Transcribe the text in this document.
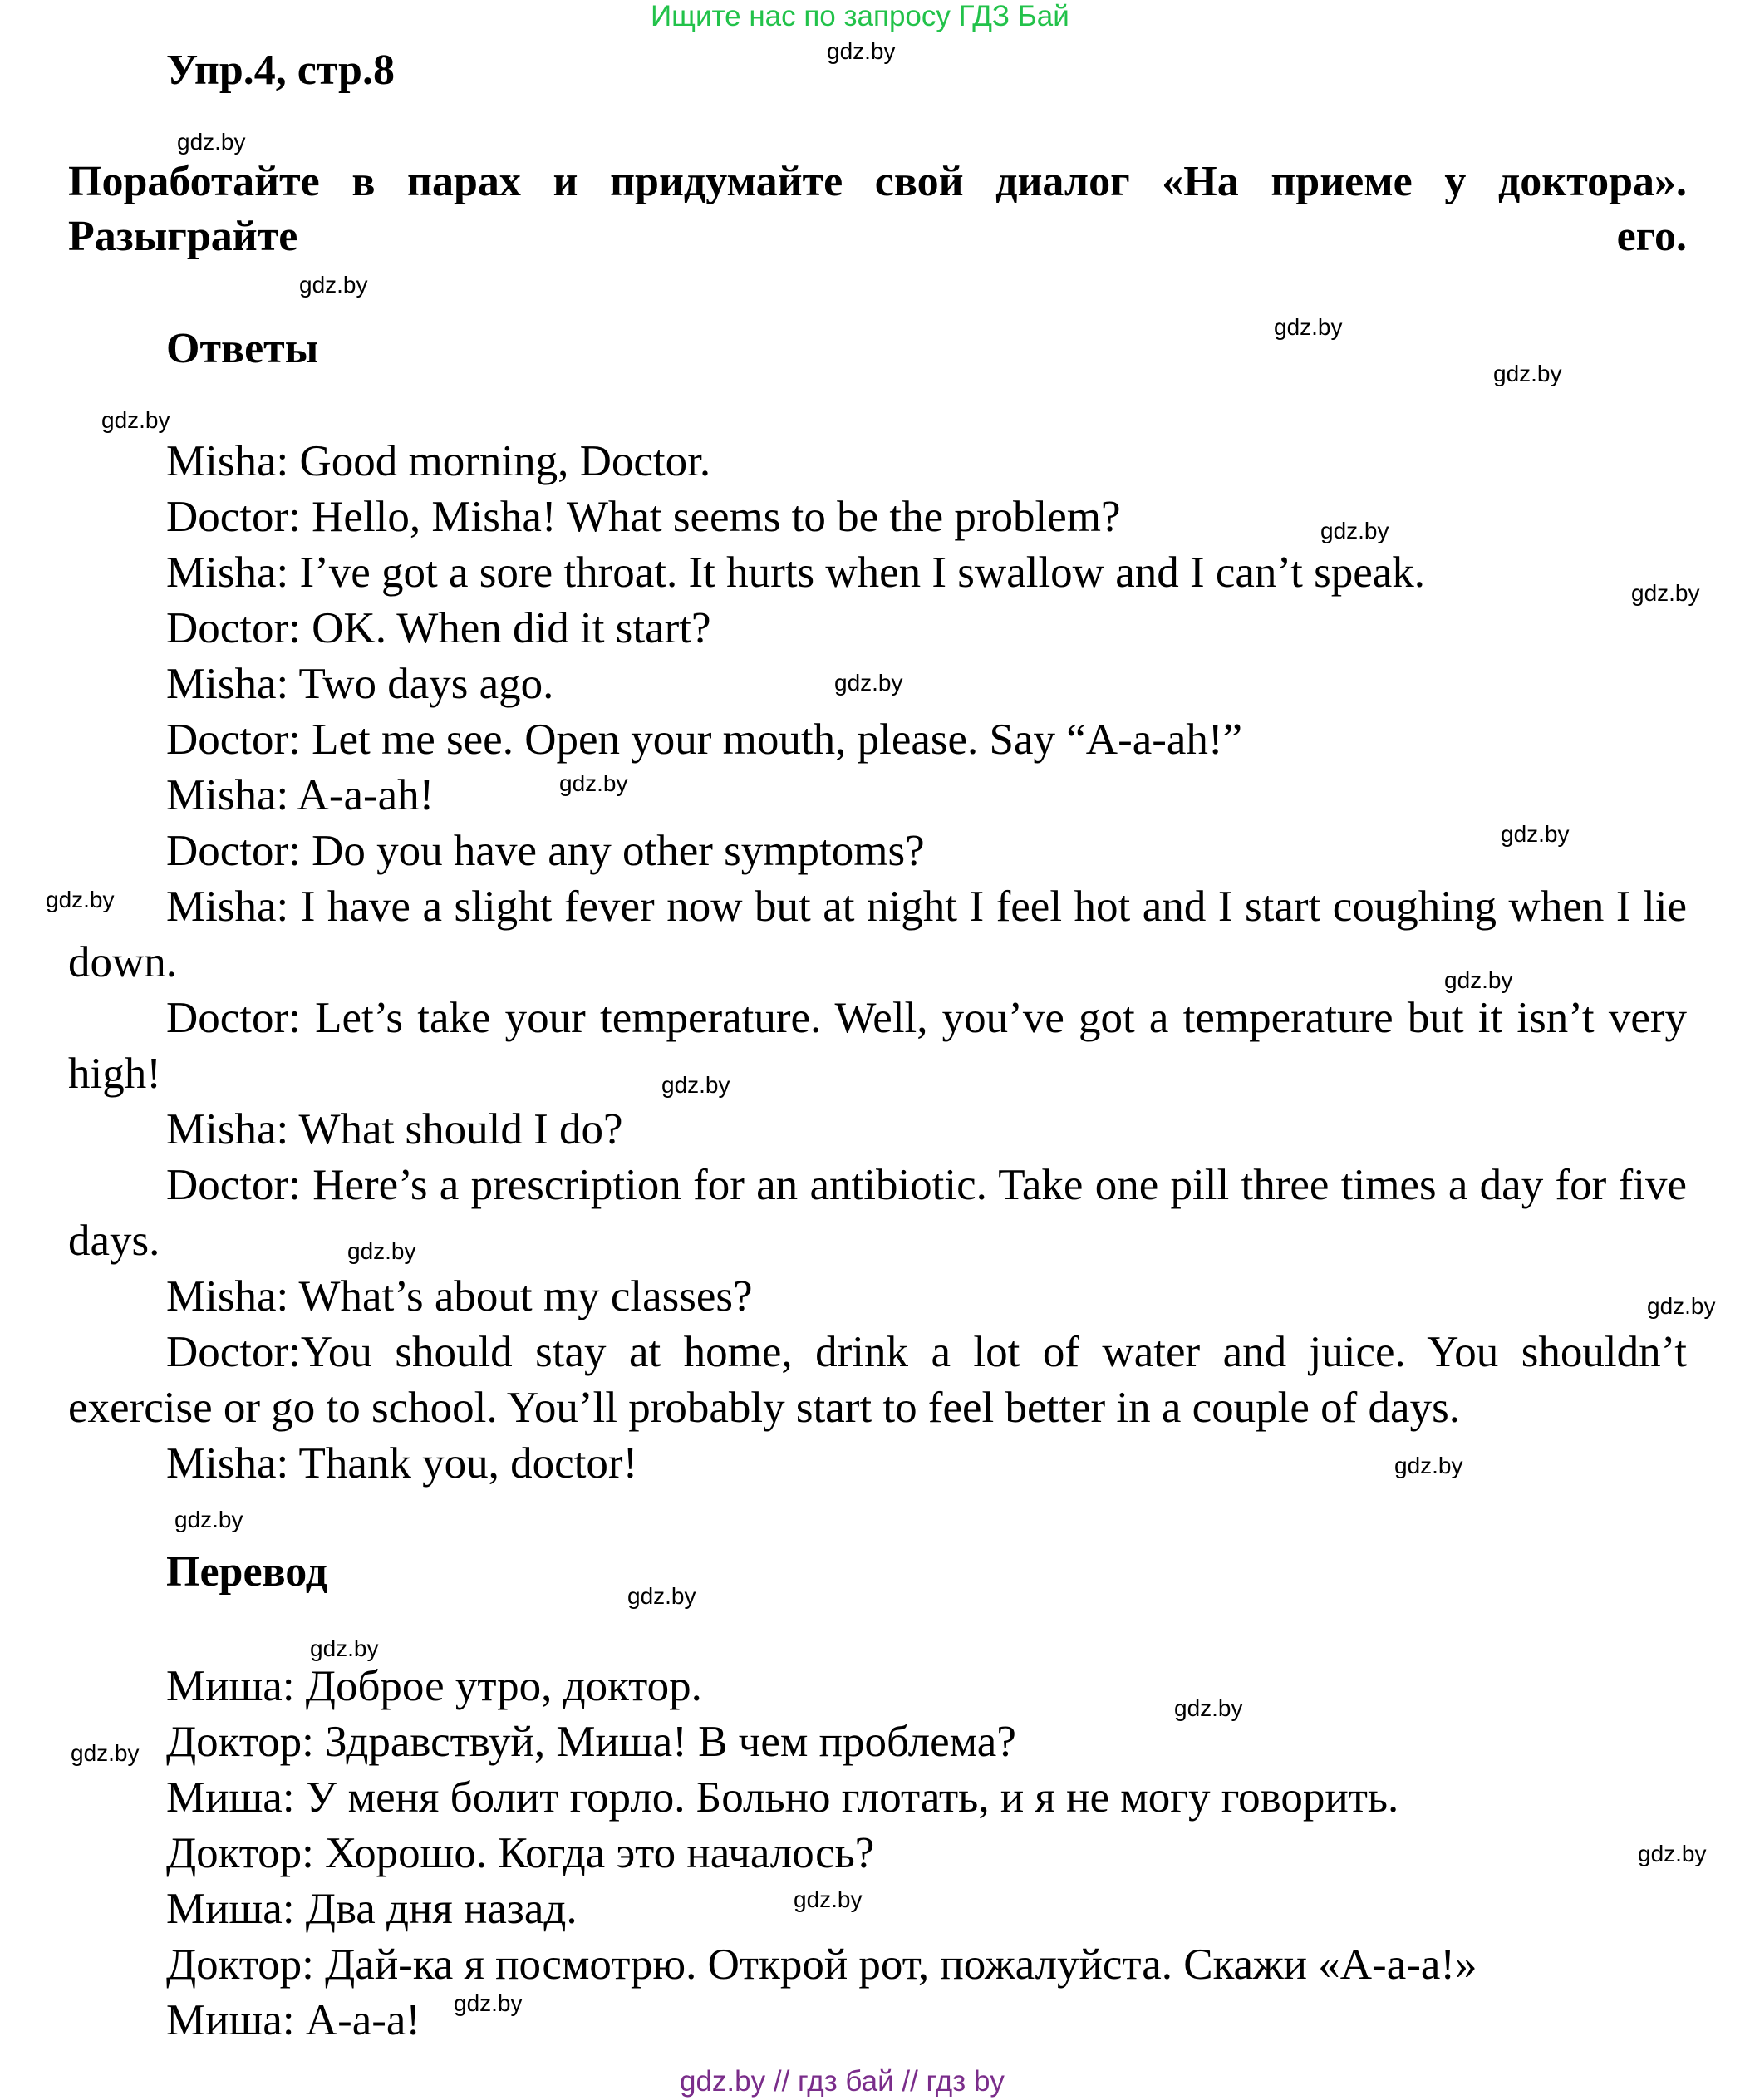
Ищите нас по запросу ГДЗ Бай
Упр.4, стр.8
Поработайте в парах и придумайте свой диалог «На приеме у доктора». Разыграйте его.
Ответы
Misha: Good morning, Doctor.
Doctor: Hello, Misha! What seems to be the problem?
Misha: I’ve got a sore throat. It hurts when I swallow and I can’t speak.
Doctor: OK. When did it start?
Misha: Two days ago.
Doctor: Let me see. Open your mouth, please. Say “A-a-ah!”
Misha: A-a-ah!
Doctor: Do you have any other symptoms?
Misha: I have a slight fever now but at night I feel hot and I start coughing when I lie down.
Doctor: Let’s take your temperature. Well, you’ve got a temperature but it isn’t very high!
Misha: What should I do?
Doctor: Here’s a prescription for an antibiotic. Take one pill three times a day for five days.
Misha: What’s about my classes?
Doctor:You should stay at home, drink a lot of water and juice. You shouldn’t exercise or go to school. You’ll probably start to feel better in a couple of days.
Misha: Thank you, doctor!
Перевод
Миша: Доброе утро, доктор.
Доктор: Здравствуй, Миша! В чем проблема?
Миша: У меня болит горло. Больно глотать, и я не могу говорить.
Доктор: Хорошо. Когда это началось?
Миша: Два дня назад.
Доктор: Дай-ка я посмотрю. Открой рот, пожалуйста. Скажи «А-а-а!»
Миша: А-а-а!
gdz.by
gdz.by
gdz.by
gdz.by
gdz.by
gdz.by
gdz.by
gdz.by
gdz.by
gdz.by
gdz.by
gdz.by
gdz.by
gdz.by
gdz.by
gdz.by
gdz.by
gdz.by
gdz.by
gdz.by
gdz.by
gdz.by
gdz.by
gdz.by
gdz.by
gdz.by // гдз бай // гдз by
